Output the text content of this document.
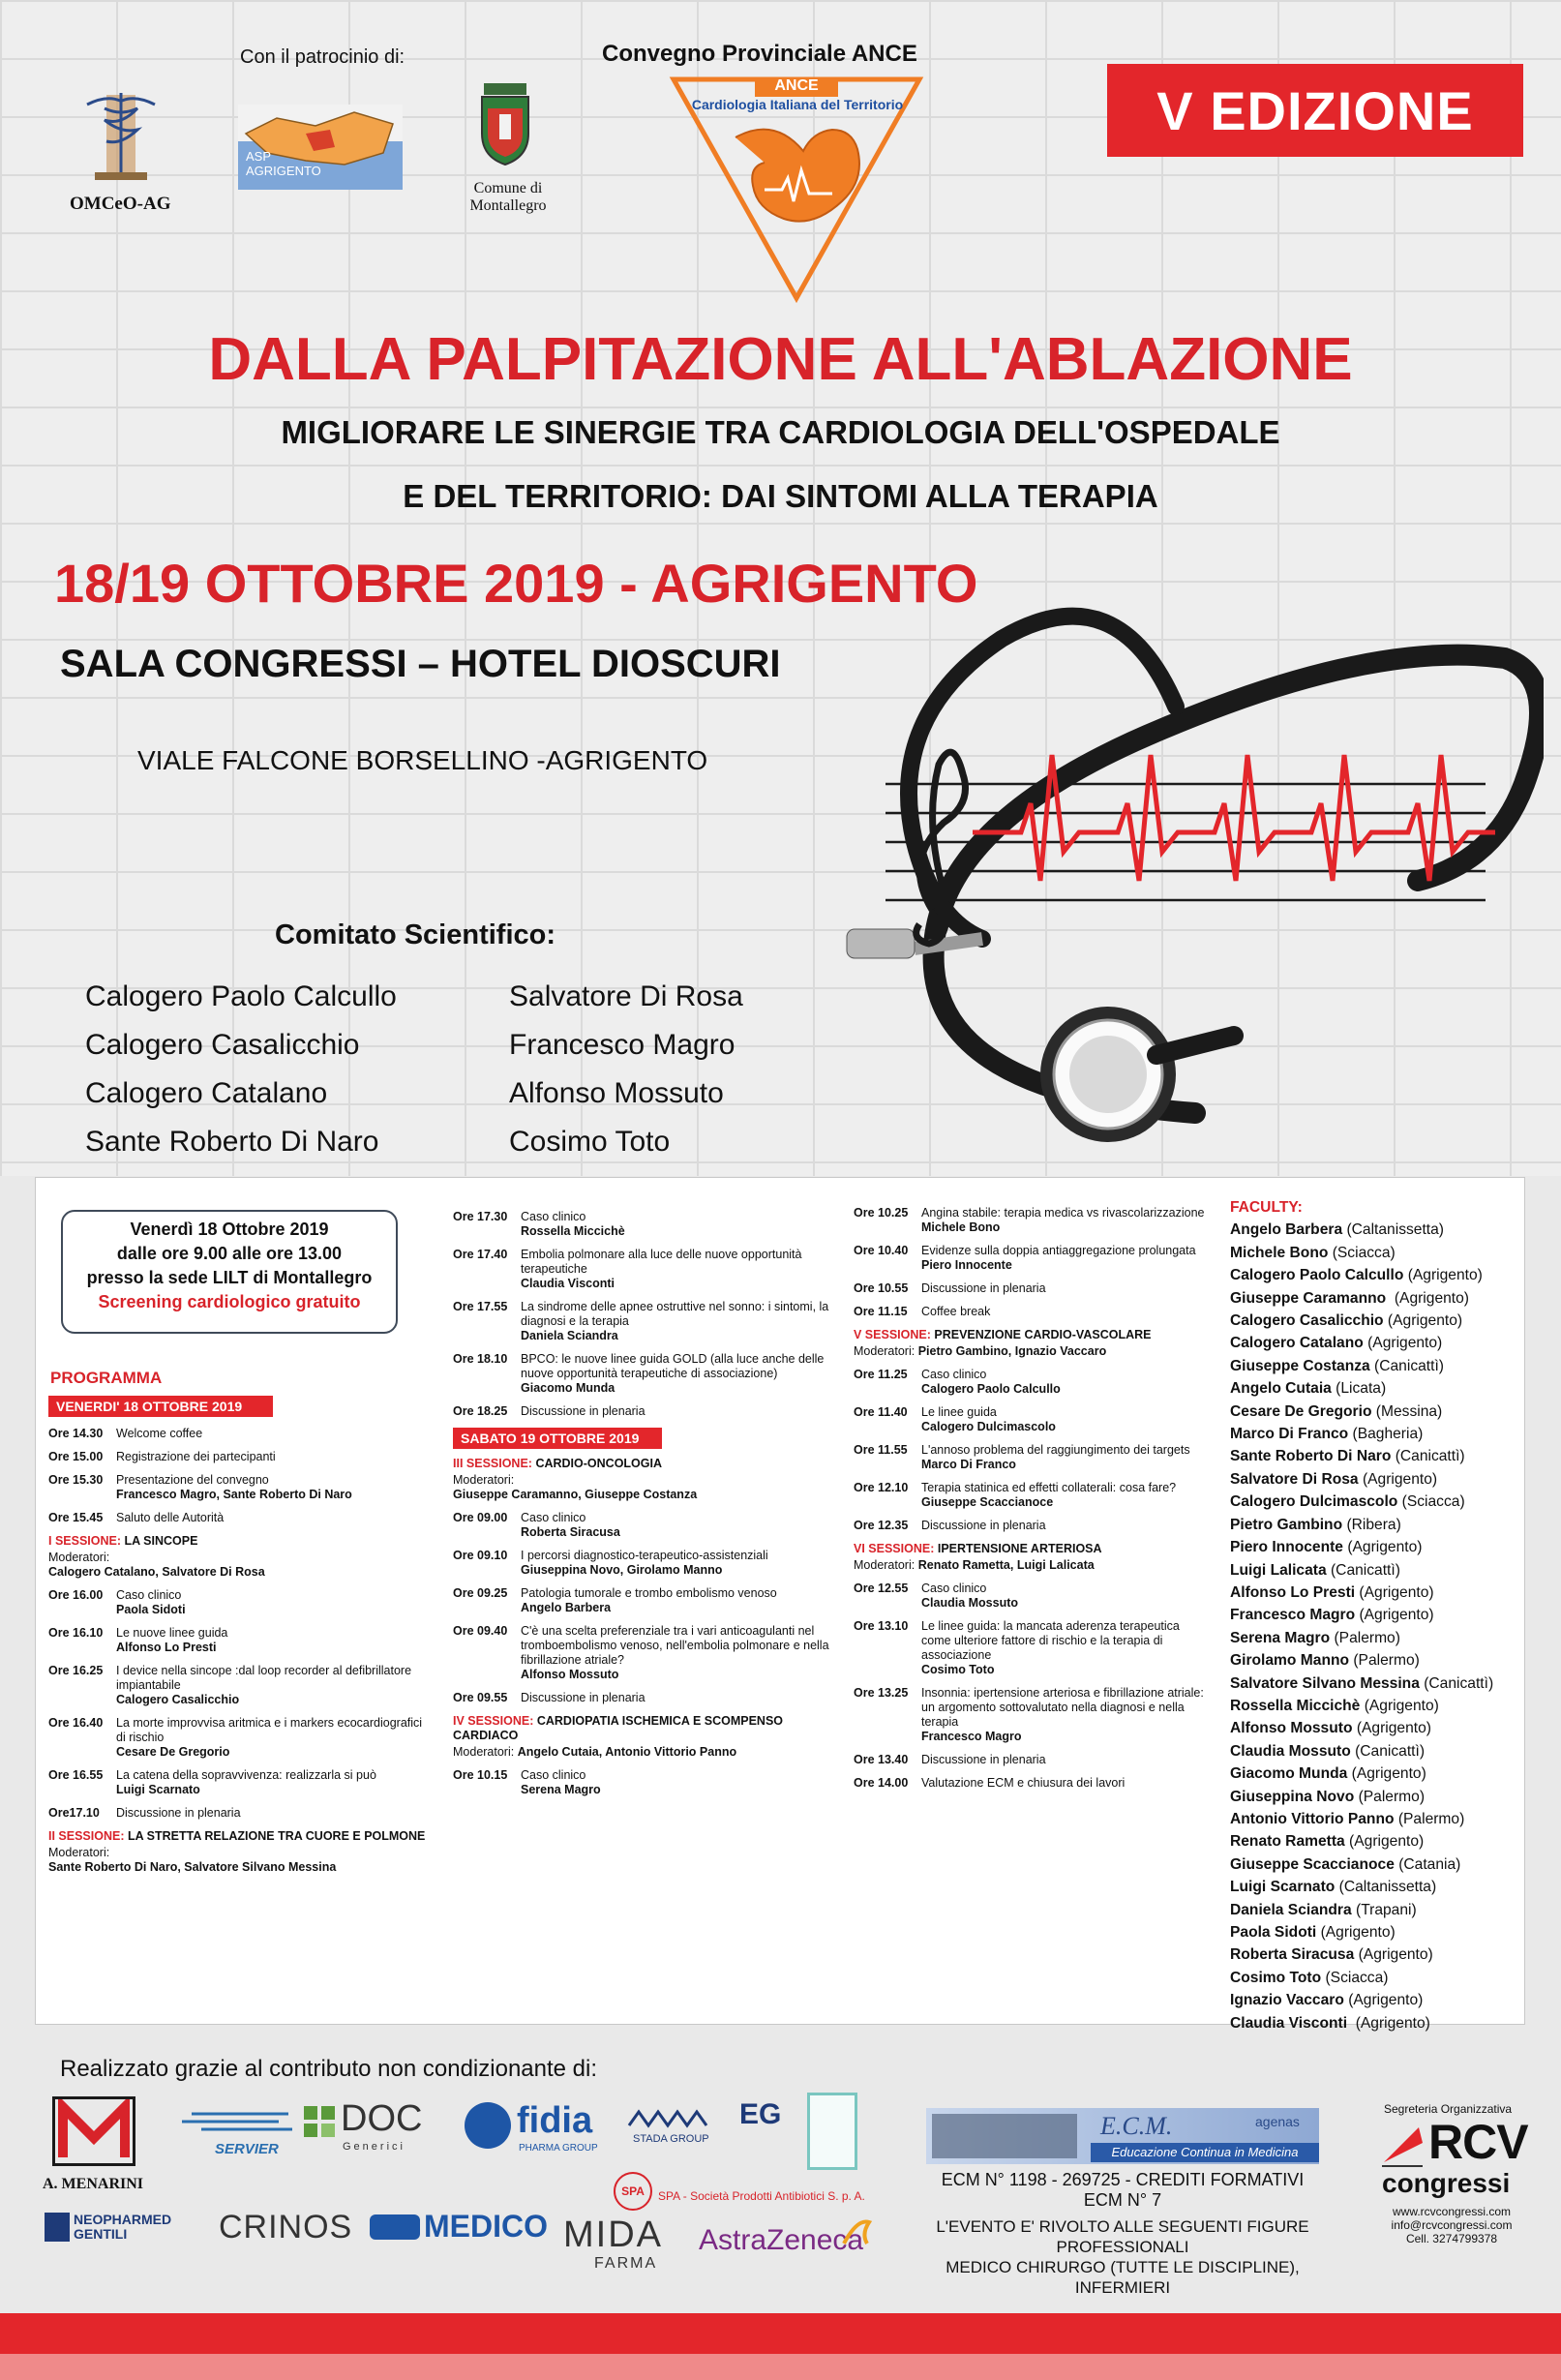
Con il patrocinio di:
OMCeO-AG
ASP
AGRIGENTO
Comune di
Montallegro
Convegno Provinciale ANCE
ANCE
Cardiologia Italiana del Territorio	V EDIZIONE
DALLA PALPITAZIONE ALL'ABLAZIONE
MIGLIORARE LE SINERGIE TRA CARDIOLOGIA DELL'OSPEDALE
E DEL TERRITORIO: DAI SINTOMI ALLA TERAPIA
18/19 OTTOBRE 2019 - AGRIGENTO
SALA CONGRESSI – HOTEL DIOSCURI
VIALE FALCONE BORSELLINO -AGRIGENTO
Comitato Scientifico:
Calogero Paolo Calcullo
Calogero Casalicchio
Calogero Catalano
Sante Roberto Di Naro
Salvatore Di Rosa
Francesco Magro
Alfonso Mossuto
Cosimo Toto
Venerdì 18 Ottobre 2019
dalle ore 9.00 alle ore 13.00
presso la sede LILT di Montallegro
Screening cardiologico gratuito
PROGRAMMA
VENERDI' 18 OTTOBRE 2019
Ore 14.30	Welcome coffee
Ore 15.00	Registrazione dei partecipanti
Ore 15.30	Presentazione del convegno
Francesco Magro, Sante Roberto Di Naro
Ore 15.45	Saluto delle Autorità
I SESSIONE: LA SINCOPE
Moderatori:
Calogero Catalano, Salvatore Di Rosa
Ore 16.00	Caso clinico
Paola Sidoti
Ore 16.10	Le nuove linee guida
Alfonso Lo Presti
Ore 16.25	I device nella sincope :dal loop recorder al defibrillatore impiantabile
Calogero Casalicchio
Ore 16.40	La morte improvvisa aritmica e i markers ecocardiografici di rischio
Cesare De Gregorio
Ore 16.55	La catena della sopravvivenza: realizzarla si può
Luigi Scarnato
Ore17.10	Discussione in plenaria
II SESSIONE: LA STRETTA RELAZIONE TRA CUORE E POLMONE
Moderatori:
Sante Roberto Di Naro, Salvatore Silvano Messina
Ore 17.30	Caso clinico
Rossella Miccichè
Ore 17.40	Embolia polmonare alla luce delle nuove opportunità terapeutiche
Claudia Visconti
Ore 17.55	La sindrome delle apnee ostruttive nel sonno: i sintomi, la diagnosi e la terapia
Daniela Sciandra
Ore 18.10	BPCO: le nuove linee guida GOLD (alla luce anche delle nuove opportunità terapeutiche di associazione)
Giacomo Munda
Ore 18.25	Discussione in plenaria
SABATO 19 OTTOBRE 2019
III SESSIONE: CARDIO-ONCOLOGIA
Moderatori:
Giuseppe Caramanno, Giuseppe Costanza
Ore 09.00	Caso clinico
Roberta Siracusa
Ore 09.10	I percorsi diagnostico-terapeutico-assistenziali
Giuseppina Novo, Girolamo Manno
Ore 09.25	Patologia tumorale e trombo embolismo venoso
Angelo Barbera
Ore 09.40	C'è una scelta preferenziale tra i vari anticoagulanti nel tromboembolismo venoso, nell'embolia polmonare e nella fibrillazione atriale?
Alfonso Mossuto
Ore 09.55	Discussione in plenaria
IV SESSIONE: CARDIOPATIA ISCHEMICA E SCOMPENSO CARDIACO
Moderatori: Angelo Cutaia, Antonio Vittorio Panno
Ore 10.15	Caso clinico
Serena Magro
Ore 10.25	Angina stabile: terapia medica vs rivascolarizzazione
Michele Bono
Ore 10.40	Evidenze sulla doppia antiaggregazione prolungata
Piero Innocente
Ore 10.55	Discussione in plenaria
Ore 11.15	Coffee break
V SESSIONE: PREVENZIONE CARDIO-VASCOLARE
Moderatori: Pietro Gambino, Ignazio Vaccaro
Ore 11.25	Caso clinico
Calogero Paolo Calcullo
Ore 11.40	Le linee guida
Calogero Dulcimascolo
Ore 11.55	L'annoso problema del raggiungimento dei targets
Marco Di Franco
Ore 12.10	Terapia statinica ed effetti collaterali: cosa fare?
Giuseppe Scaccianoce
Ore 12.35	Discussione in plenaria
VI SESSIONE: IPERTENSIONE ARTERIOSA
Moderatori: Renato Rametta, Luigi Lalicata
Ore 12.55	Caso clinico
Claudia Mossuto
Ore 13.10	Le linee guida: la mancata aderenza terapeutica come ulteriore fattore di rischio e la terapia di associazione
Cosimo Toto
Ore 13.25	Insonnia: ipertensione arteriosa e fibrillazione atriale: un argomento sottovalutato nella diagnosi e nella terapia
Francesco Magro
Ore 13.40	Discussione in plenaria
Ore 14.00	Valutazione ECM e chiusura dei lavori
FACULTY:
Angelo Barbera (Caltanissetta)
Michele Bono (Sciacca)
Calogero Paolo Calcullo (Agrigento)
Giuseppe Caramanno  (Agrigento)
Calogero Casalicchio (Agrigento)
Calogero Catalano (Agrigento)
Giuseppe Costanza (Canicattì)
Angelo Cutaia (Licata)
Cesare De Gregorio (Messina)
Marco Di Franco (Bagheria)
Sante Roberto Di Naro (Canicattì)
Salvatore Di Rosa (Agrigento)
Calogero Dulcimascolo (Sciacca)
Pietro Gambino (Ribera)
Piero Innocente (Agrigento)
Luigi Lalicata (Canicattì)
Alfonso Lo Presti (Agrigento)
Francesco Magro (Agrigento)
Serena Magro (Palermo)
Girolamo Manno (Palermo)
Salvatore Silvano Messina (Canicattì)
Rossella Miccichè (Agrigento)
Alfonso Mossuto (Agrigento)
Claudia Mossuto (Canicattì)
Giacomo Munda (Agrigento)
Giuseppina Novo (Palermo)
Antonio Vittorio Panno (Palermo)
Renato Rametta (Agrigento)
Giuseppe Scaccianoce (Catania)
Luigi Scarnato (Caltanissetta)
Daniela Sciandra (Trapani)
Paola Sidoti (Agrigento)
Roberta Siracusa (Agrigento)
Cosimo Toto (Sciacca)
Ignazio Vaccaro (Agrigento)
Claudia Visconti  (Agrigento)
Realizzato grazie al contributo non condizionante di:
A. MENARINI
SERVIER
DOC
Generici
fidia
PHARMA GROUP
STADA GROUP
EG
NEOPHARMED
GENTILI	CRINOS MEDICO
SPA	SPA - Società Prodotti Antibiotici S. p. A.
MIDA
FARMA
AstraZeneca
E.C.M.
Educazione Continua in Medicina
agenas
ECM N° 1198 - 269725 - CREDITI FORMATIVI ECM N° 7
L'EVENTO E' RIVOLTO ALLE SEGUENTI FIGURE PROFESSIONALI
MEDICO CHIRURGO (TUTTE LE DISCIPLINE), INFERMIERI
Segreteria Organizzativa
RCV
congressi
www.rcvcongressi.com
info@rcvcongressi.com
Cell. 3274799378
